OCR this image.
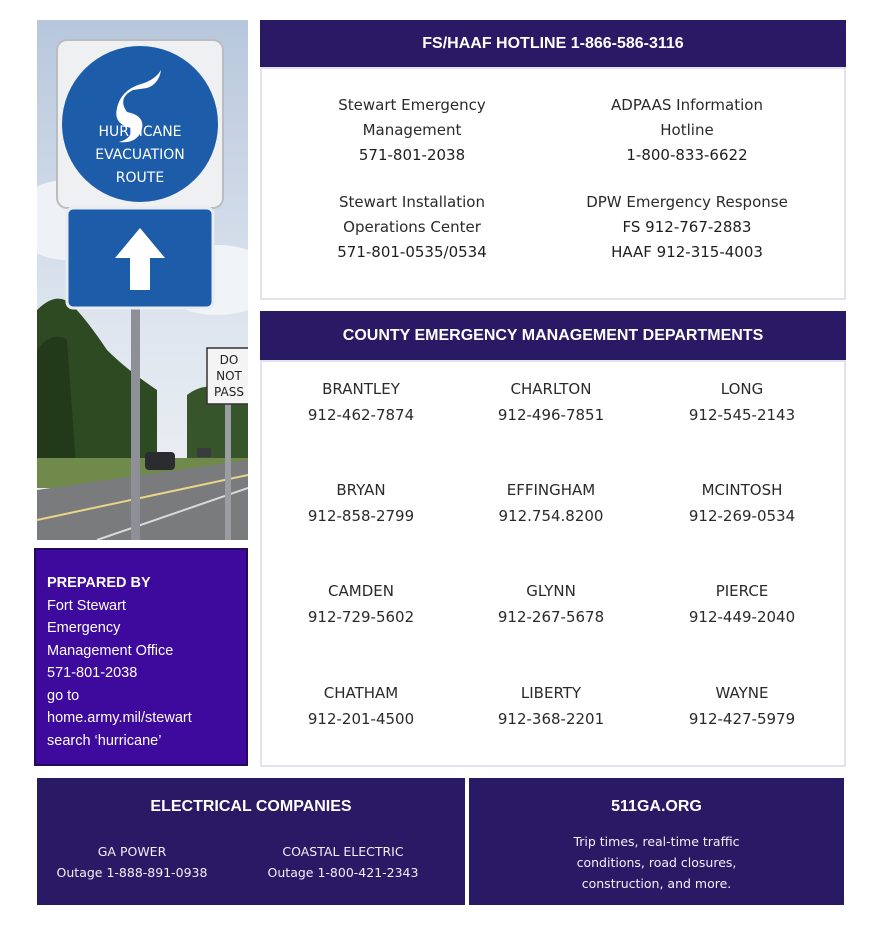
HURRICANE
EVACUATION
ROUTE
DO
NOT
PASS
PREPARED BY
Fort Stewart
Emergency
Management Office
571-801-2038
go to
home.army.mil/stewart
search ‘hurricane’
FS/HAAF HOTLINE 1-866-586-3116
Stewart Emergency
Management
571-801-2038
ADPAAS Information
Hotline
1-800-833-6622
Stewart Installation
Operations Center
571-801-0535/0534
DPW Emergency Response
FS 912-767-2883
HAAF 912-315-4003
COUNTY EMERGENCY MANAGEMENT DEPARTMENTS
BRANTLEY
912-462-7874
CHARLTON
912-496-7851
LONG
912-545-2143
BRYAN
912-858-2799
EFFINGHAM
912.754.8200
MCINTOSH
912-269-0534
CAMDEN
912-729-5602
GLYNN
912-267-5678
PIERCE
912-449-2040
CHATHAM
912-201-4500
LIBERTY
912-368-2201
WAYNE
912-427-5979
ELECTRICAL COMPANIES
GA POWER
Outage 1-888-891-0938
COASTAL ELECTRIC
Outage 1-800-421-2343
511GA.ORG
Trip times, real-time traffic
conditions, road closures,
construction, and more.
